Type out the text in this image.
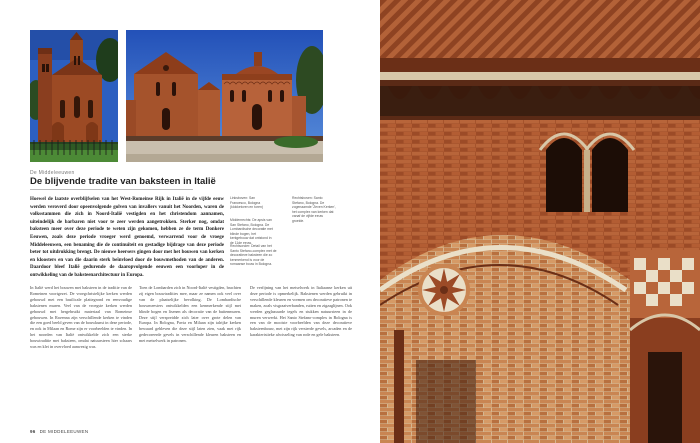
De Middeleeuwen
De blijvende tradite van baksteen in Italië

Hoewel de laatste overblijfselen van het West-Romeinse Rijk in Italië in de vijfde eeuw werden veroverd door opeenvolgende golven van invallers vanuit het Noorden, waren de volksstammen die zich in Noord-Italië vestigden en het christendom aannamen, uiteindelijk de barbaren niet voor te zeer werden aangetrokken. Sterker nog, omdat baksteen meer over deze periode te weten zijn gekomen, hebben ze de term Donkere Eeuwen, zoals deze periode vroeger werd genoemd, verwarrend voor de vroege Middeleeuwen, een benaming die de continuïteit en gestadige bijdrage van deze periode beter tot uitdrukking brengt. De nieuwe heersers gingen door met het bouwen van kerken en kloosters en van die daarin sterk beïnvloed door de bouwmethoden van de anderen. Daardoor bleef Italië gedurende de daaropvolgende eeuwen een voorloper in de ontwikkeling van de baksteenarchitectuur in Europa.

Linksboven: San Francesco, Bologna (klokketoren en toren)
Rechtsboven: Santo Stefano, Bologna. De zogenaamde 'Zeven Kerken', het complex van kerken dat vanaf de vijfde eeuw groeide.
Middenrechts: De apsis van San Stefano, Bologna. De Lombardische decoratie met blinde bogen, het kerkgebouw dat ontstond in de 11de eeuw.
Rechtsonder: Detail van het Santo Stefano-complex met de decoratieve baksteen die zo kenmerkend is voor de romaanse bouw in Bologna.

In Italië werd het bouwen met baksteen in de traditie van de Romeinen voortgezet. De vroegchristelijke kerken werden gebouwd met een basilicale plattegrond en eenvoudige bakstenen muren. Veel van de vroegste kerken werden gebouwd met hergebruikt materiaal van Romeinse gebouwen. In Ravenna zijn verschillende kerken te vinden die een goed beeld geven van de bouwkunst in deze periode, en ook in Milaan en Rome zijn er voorbeelden te vinden. In het noorden van Italië ontwikkelde zich een sterke bouwtraditie met baksteen, omdat natuursteen hier schaars was en klei in overvloed aanwezig was.

Toen de Lombarden zich in Noord-Italië vestigden, brachten zij eigen bouwtradities mee, maar ze namen ook veel over van de plaatselijke bevolking. De Lombardische bouwmeesters ontwikkelden een kenmerkende stijl met blinde bogen en lisenen als decoratie van de buitenmuren. Deze stijl verspreidde zich later over grote delen van Europa. In Bologna, Pavia en Milaan zijn talrijke kerken bewaard gebleven die deze stijl laten zien, vaak met rijk gedecoreerde gevels in verschillende kleuren baksteen en met metselwerk in patronen.

De verfijning van het metselwerk in Italiaanse kerken uit deze periode is opmerkelijk. Bakstenen werden gebruikt in verschillende kleuren en vormen om decoratieve patronen te maken, zoals visgraatverbanden, ruiten en zigzaglijnen. Ook werden geglazuurde tegels en stukken natuursteen in de muren verwerkt. Het Santo Stefano-complex in Bologna is een van de mooiste voorbeelden van deze decoratieve baksteenbouw, met zijn rijk versierde gevels, arcaden en de karakteristieke afwisseling van rode en gele baksteen.

96 DE MIDDELEEUWEN
